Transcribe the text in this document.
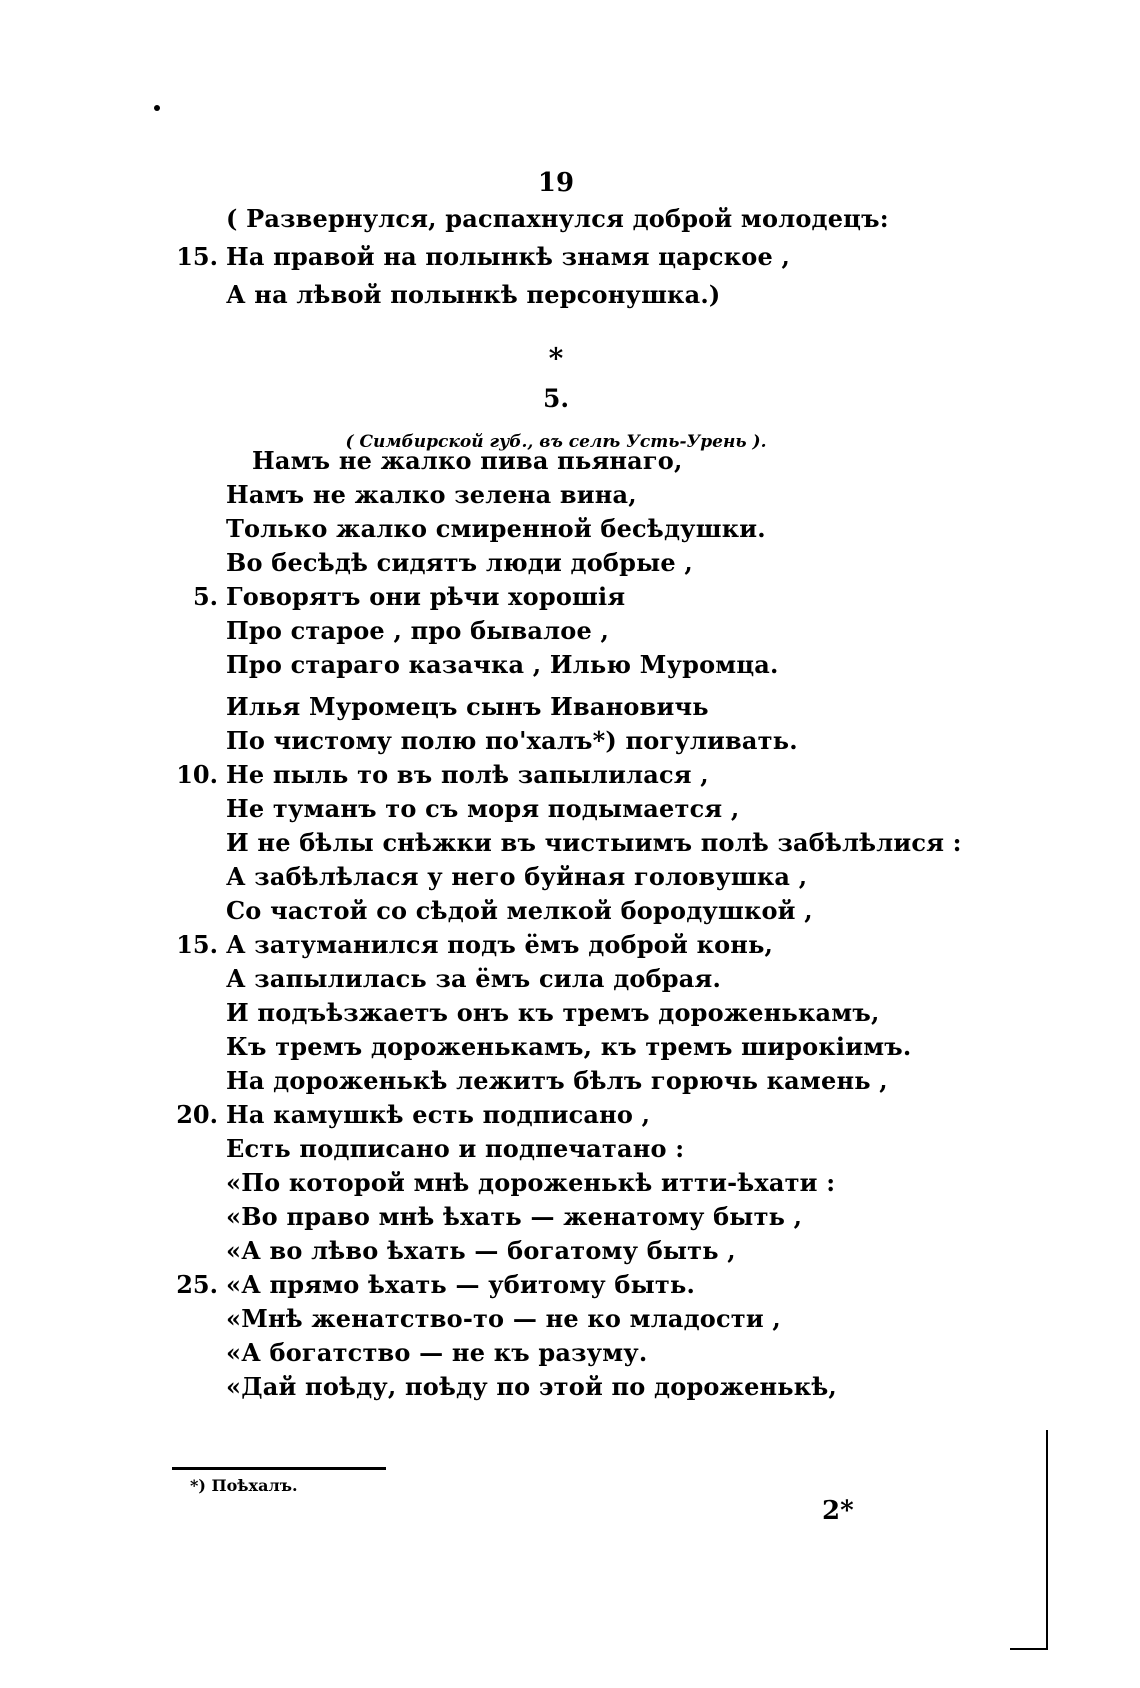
19
( Развернулся, распахнулся доброй молодецъ:
15. На правой на полынкѣ знамя царское ,
А на лѣвой полынкѣ персонушка.)
*
5.
( Симбирской губ., въ селѣ Усть-Урень ).
Намъ не жалко пива пьянаго,
Намъ не жалко зелена вина,
Только жалко смиренной бесѣдушки.
Во бесѣдѣ сидятъ люди добрые ,
5. Говорятъ они рѣчи хорошія
Про старое , про бывалое ,
Про стараго казачка , Илью Муромца.
Илья Муромецъ сынъ Ивановичь
По чистому полю по'халъ*) погуливать.
10. Не пыль то въ полѣ запылилася ,
Не туманъ то съ моря подымается ,
И не бѣлы снѣжки въ чистыимъ полѣ забѣлѣлися :
А забѣлѣлася у него буйная головушка ,
Со частой со сѣдой мелкой бородушкой ,
15. А затуманился подъ ёмъ доброй конь,
А запылилась за ёмъ сила добрая.
И подъѣзжаетъ онъ къ тремъ дороженькамъ,
Къ тремъ дороженькамъ, къ тремъ широкіимъ.
На дороженькѣ лежитъ бѣлъ горючь камень ,
20. На камушкѣ есть подписано ,
Есть подписано и подпечатано :
«По которой мнѣ дороженькѣ итти-ѣхати :
«Во право мнѣ ѣхать — женатому быть ,
«А во лѣво ѣхать — богатому быть ,
25. «А прямо ѣхать — убитому быть.
«Мнѣ женатство-то — не ко младости ,
«А богатство — не къ разуму.
«Дай поѣду, поѣду по этой по дороженькѣ,
*) Поѣхалъ.
2*
